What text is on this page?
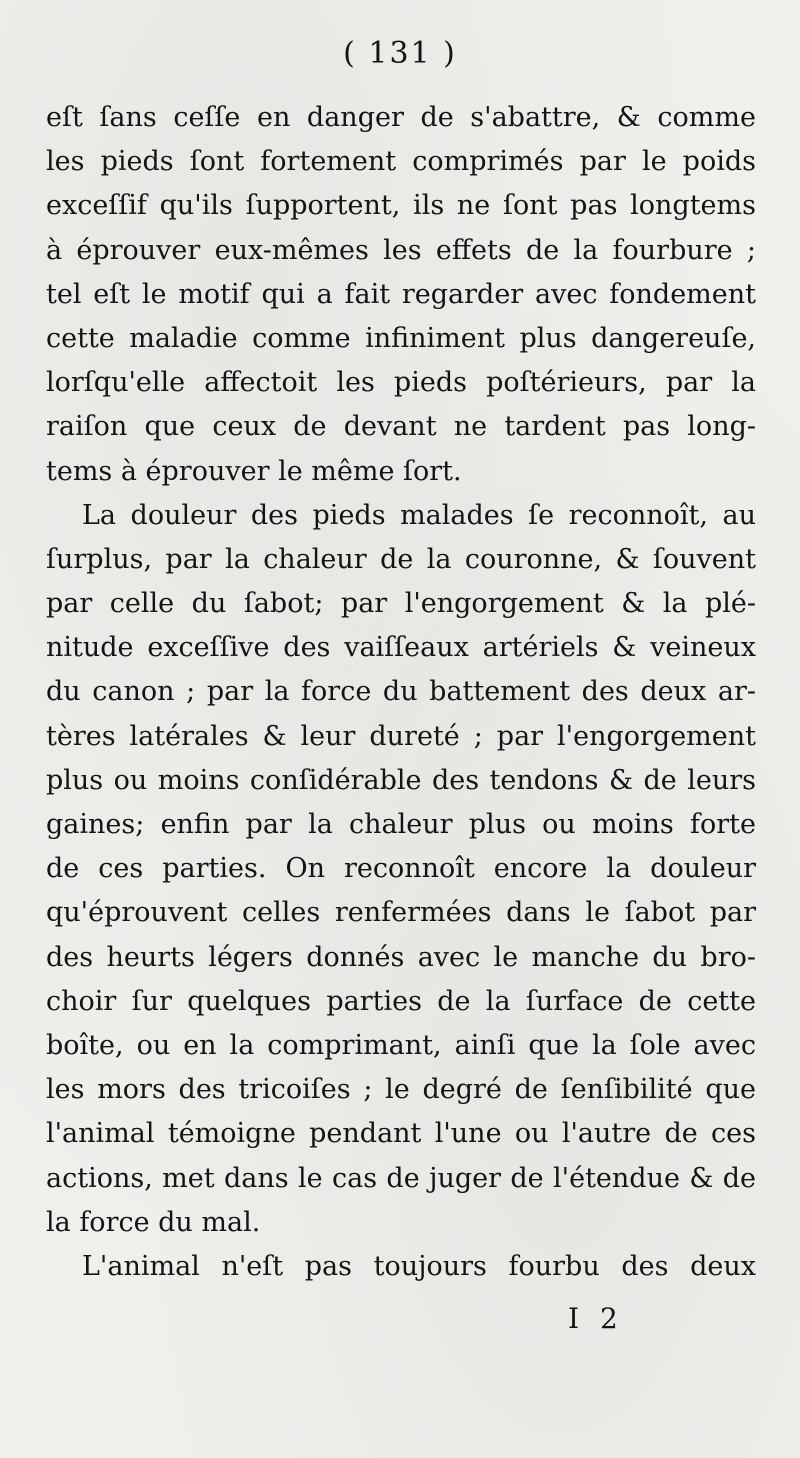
( 131 )
eſt ſans ceſſe en danger de s'abattre, & comme
les pieds ſont fortement comprimés par le poids
exceſſif qu'ils ſupportent, ils ne ſont pas longtems
à éprouver eux-mêmes les effets de la fourbure ;
tel eſt le motif qui a fait regarder avec fondement
cette maladie comme infiniment plus dangereuſe,
lorſqu'elle affectoit les pieds poſtérieurs, par la
raiſon que ceux de devant ne tardent pas long-
tems à éprouver le même ſort.
La douleur des pieds malades ſe reconnoît, au
ſurplus, par la chaleur de la couronne, & ſouvent
par celle du ſabot; par l'engorgement & la plé-
nitude exceſſive des vaiſſeaux artériels & veineux
du canon ; par la force du battement des deux ar-
tères latérales & leur dureté ; par l'engorgement
plus ou moins conſidérable des tendons & de leurs
gaines; enfin par la chaleur plus ou moins forte
de ces parties. On reconnoît encore la douleur
qu'éprouvent celles renfermées dans le ſabot par
des heurts légers donnés avec le manche du bro-
choir ſur quelques parties de la ſurface de cette
boîte, ou en la comprimant, ainſi que la ſole avec
les mors des tricoiſes ; le degré de ſenſibilité que
l'animal témoigne pendant l'une ou l'autre de ces
actions, met dans le cas de juger de l'étendue & de
la force du mal.
L'animal n'eſt pas toujours fourbu des deux
I 2
